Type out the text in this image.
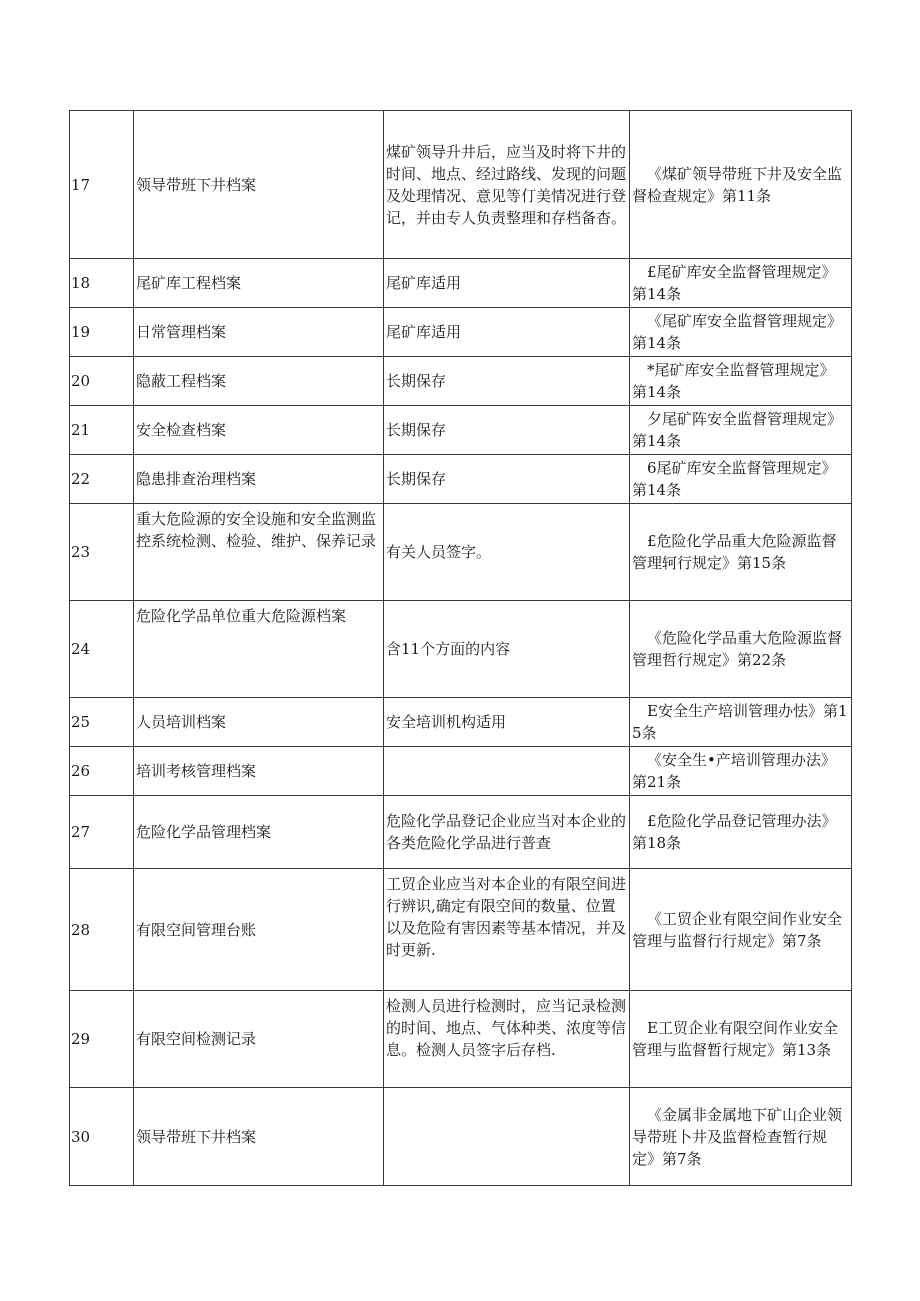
17	领导带班下井档案	煤矿领导升井后，应当及时将下井的时间、地点、经过路线、发现的问题及处理情况、意见等仃美情况进行登记，并由专人负责整理和存档备杳。	《煤矿领导带班下井及安全监督检查规定》第11条
18	尾矿库工程档案	尾矿库适用	£尾矿库安全监督管理规定》第14条
19	日常管理档案	尾矿库适用	《尾矿库安全监督管理规定》第14条
20	隐蔽工程档案	长期保存	*尾矿库安全监督管理规定》第14条
21	安全检查档案	长期保存	夕尾矿阵安全监督管理规定》第14条
22	隐患排查治理档案	长期保存	6尾矿库安全监督管理规定》第14条
23	重大危险源的安全设施和安全监测监控系统检测、检验、维护、保养记录	有关人员签字。	£危险化学品重大危险源监督管理轲行规定》第15条
24	危险化学品单位重大危险源档案	含11个方面的内容	《危险化学品重大危险源监督管理哲行规定》第22条
25	人员培训档案	安全培训机构适用	E安全生产培训管理办怯》第15条
26	培训考核管理档案		《安全生•产培训管理办法》第21条
27	危险化学品管理档案	危险化学品登记企业应当对本企业的各类危险化学品进行普查	£危险化学品登记管理办法》第18条
28	有限空间管理台账	工贸企业应当对本企业的有限空间进行辨识,确定有限空间的数量、位置以及危险有害因素等基本情况，并及时更新.	《工贸企业有限空间作业安全管理与监督行行规定》第7条
29	有限空间检测记录	检测人员进行检测时，应当记录检测的时间、地点、气体种类、浓度等信息。检测人员签字后存档.	E工贸企业有限空间作业安全管理与监督暂行规定》第13条
30	领导带班下井档案		《金属非金属地下矿山企业领导带班卜井及监督检查暂行规定》第7条
